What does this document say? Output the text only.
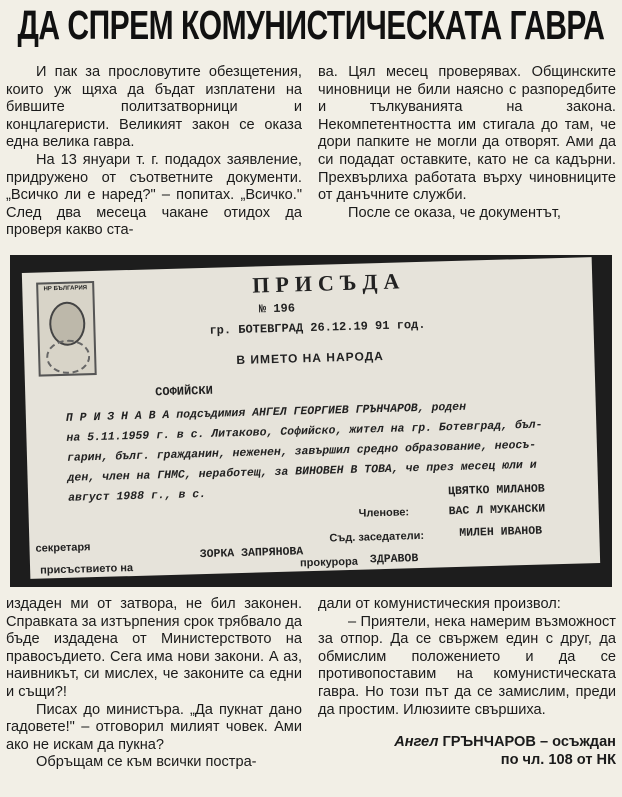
ДА СПРЕМ КОМУНИСТИЧЕСКАТА ГАВРА

И пак за прословутите обезщетения, които уж щяха да бъдат изплатени на бившите политзатворници и концлагеристи. Великият закон се оказа една велика гавра.

На 13 януари т. г. подадох заявление, придружено от съответните документи. „Всичко ли е наред?" – попитах. „Всичко." След два месеца чакане отидох да проверя какво ста-

ва. Цял месец проверявах. Общинските чиновници не били наясно с разпоредбите и тълкуванията на закона. Некомпетентността им стигала до там, че дори папките не могли да отворят. Ами да си подадат оставките, като не са кадърни. Прехвърлиха работата върху чиновниците от данъчните служби.

После се оказа, че документът,

НР БЪЛГАРИЯ	ПРИСЪДА
№ 196
гр. БОТЕВГРАД 26.12.19 91 год.
В ИМЕТО НА НАРОДА
СОФИЙСКИ
П Р И З Н А В А подсъдимия АНГЕЛ ГЕОРГИЕВ ГРЪНЧАРОВ, роден
на 5.11.1959 г. в с. Литаково, Софийско, жител на гр. Ботевград, бъл-
гарин, бълг. гражданин, неженен, завършил средно образование, неосъ-
ден, член на ГНМС, неработещ, за ВИНОВЕН В ТОВА, че през месец юли и
август 1988 г., в с.	ЦВЯТКО МИЛАНОВ
Членове:	ВАС Л МУКАНСКИ
Съд. заседатели:	МИЛЕН ИВАНОВ
секретаря	ЗОРКА ЗАПРЯНОВА
присъствието на	прокурора ЗДРАВОВ

издаден ми от затвора, не бил законен. Справката за изтърпения срок трябвало да бъде издадена от Министерството на правосъдието. Сега има нови закони. А аз, наивникът, си мислех, че законите са едни и същи?!

Писах до министъра. „Да пукнат дано гадовете!" – отговорил милият човек. Ами ако не искам да пукна?

Обръщам се към всички постра-

дали от комунистическия произвол:

– Приятели, нека намерим възможност за отпор. Да се свържем един с друг, да обмислим положението и да се противопоставим на комунистическата гавра. Но този път да се замислим, преди да простим. Илюзиите свършиха.

Ангел ГРЪНЧАРОВ – осъждан
по чл. 108 от НК
